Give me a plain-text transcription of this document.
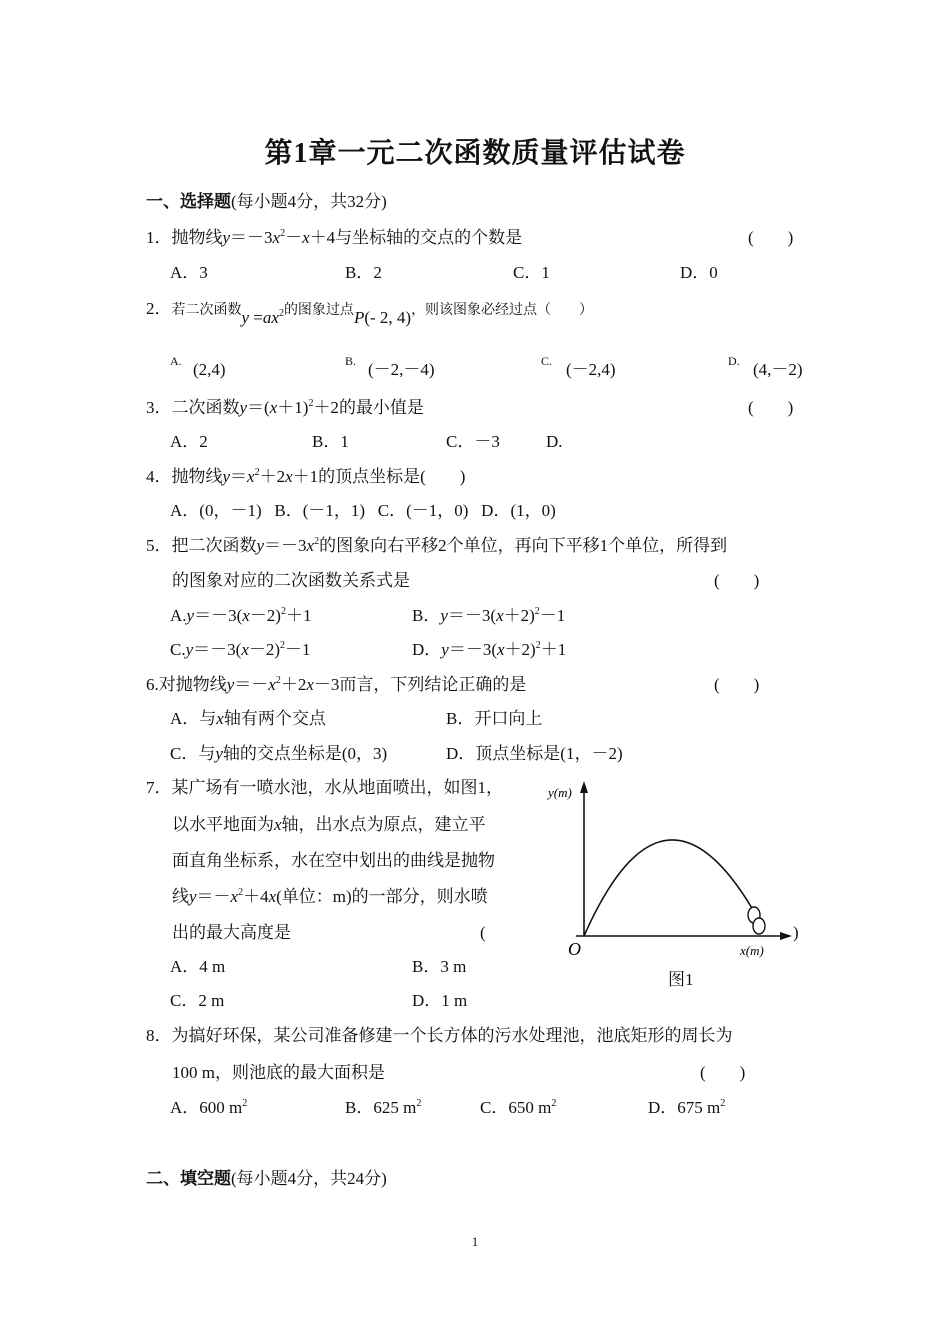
第1章一元二次函数质量评估试卷
一、选择题(每小题4分，共32分)
1．抛物线$y=-3x^2-x+4$与坐标轴的交点的个数是	(　　)
A．3	B．2	C．1	D．0
2．若二次函数$y =ax^2$的图象过点P(- 2, 4)，则该图象必经过点（　　）
A. (2,4)	B. (－2,－4)	C. (－2,4)	D. (4,－2)
3．二次函数$y=(x+1)^2+2$的最小值是	(　　)
A．2	B．1	C．－3	D.
4．抛物线$y=x^2+2x+1$的顶点坐标是(　　)
A．(0，－1)   B．(－1，1)   C．(－1，0)   D．(1，0)
5．把二次函数$y=-3x^2$的图象向右平移2个单位，再向下平移1个单位，所得到
的图象对应的二次函数关系式是	(　　)
$A.y=-3(x-2)^2+1$	B．$y=-3(x+2)^2-1$
$C.y=-3(x-2)^2-1$	D．$y=-3(x+2)^2+1$
6.对抛物线$y=-x^2+2x-3$而言，下列结论正确的是	(　　)
A．与x轴有两个交点	B．开口向上
C．与y轴的交点坐标是(0，3)	D．顶点坐标是(1，－2)
7．某广场有一喷水池，水从地面喷出，如图1，
以水平地面为x轴，出水点为原点，建立平
面直角坐标系，水在空中划出的曲线是抛物
线$y=-x^2+4x$(单位：m)的一部分，则水喷
出的最大高度是	(	)
A．4 m	B．3 m
C．2 m	D．1 m
y(m)
x(m)
O
图1
8．为搞好环保，某公司准备修建一个长方体的污水处理池，池底矩形的周长为
100 m，则池底的最大面积是	(　　)
A．600 $m^2$	B．625 $m^2$	C．650 $m^2$	D．675 $m^2$
二、填空题(每小题4分，共24分)
1
